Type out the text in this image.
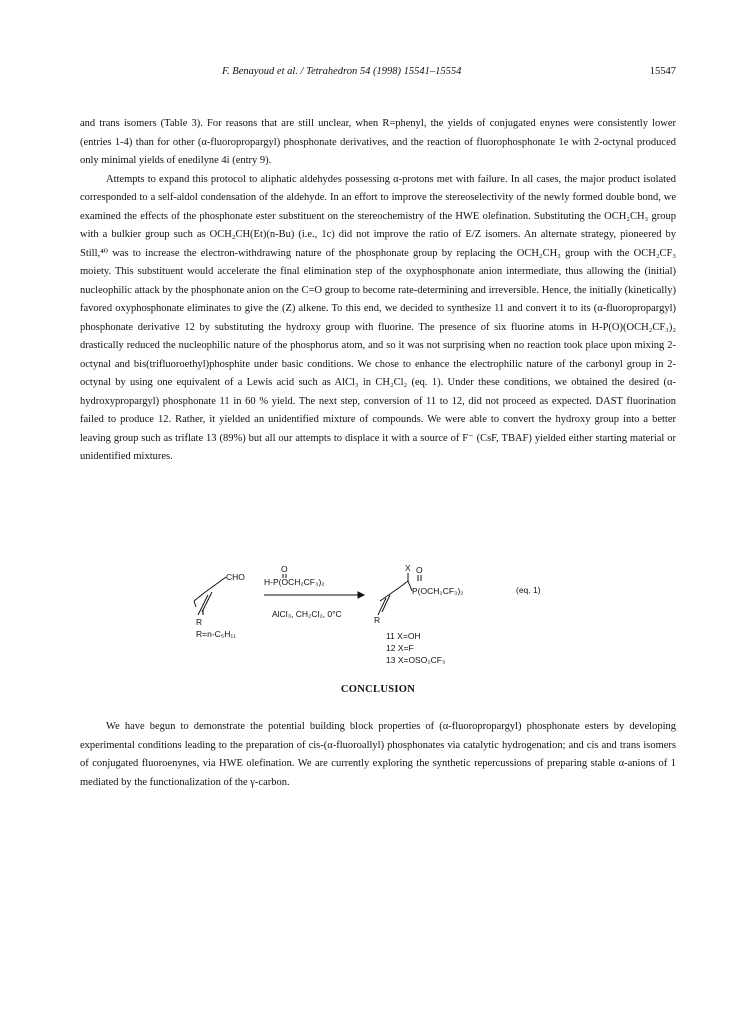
F. Benayoud et al. / Tetrahedron 54 (1998) 15541–15554	15547

and trans isomers (Table 3). For reasons that are still unclear, when R=phenyl, the yields of conjugated enynes were consistently lower (entries 1-4) than for other (α-fluoropropargyl) phosphonate derivatives, and the reaction of fluorophosphonate 1e with 2-octynal produced only minimal yields of enedilyne 4i (entry 9).

Attempts to expand this protocol to aliphatic aldehydes possessing α-protons met with failure. In all cases, the major product isolated corresponded to a self-aldol condensation of the aldehyde. In an effort to improve the stereoselectivity of the newly formed double bond, we examined the effects of the phosphonate ester substituent on the stereochemistry of the HWE olefination. Substituting the OCH₂CH₃ group with a bulkier group such as OCH₂CH(Et)(n-Bu) (i.e., 1c) did not improve the ratio of E/Z isomers. An alternate strategy, pioneered by Still,⁴⁰ was to increase the electron-withdrawing nature of the phosphonate group by replacing the OCH₂CH₃ group with the OCH₂CF₃ moiety. This substituent would accelerate the final elimination step of the oxyphosphonate anion intermediate, thus allowing the (initial) nucleophilic attack by the phosphonate anion on the C=O group to become rate-determining and irreversible. Hence, the initially (kinetically) favored oxyphosphonate eliminates to give the (Z) alkene. To this end, we decided to synthesize 11 and convert it to its (α-fluoropropargyl) phosphonate derivative 12 by substituting the hydroxy group with fluorine. The presence of six fluorine atoms in H-P(O)(OCH₂CF₃)₂ drastically reduced the nucleophilic nature of the phosphorus atom, and so it was not surprising when no reaction took place upon mixing 2-octynal and bis(trifluoroethyl)phosphite under basic conditions. We chose to enhance the electrophilic nature of the carbonyl group in 2-octynal by using one equivalent of a Lewis acid such as AlCl₃ in CH₂Cl₂ (eq. 1). Under these conditions, we obtained the desired (α-hydroxypropargyl) phosphonate 11 in 60 % yield. The next step, conversion of 11 to 12, did not proceed as expected. DAST fluorination failed to produce 12. Rather, it yielded an unidentified mixture of compounds. We were able to convert the hydroxy group into a better leaving group such as triflate 13 (89%) but all our attempts to displace it with a source of F⁻ (CsF, TBAF) yielded either starting material or unidentified mixtures.

CHO
R
R=n-C₅H₁₁
O
H-P(OCH₂CF₃)₂
AlCl₃, CH₂Cl₂, 0°C
X O
P(OCH₂CF₃)₂
R
(eq. 1)
11 X=OH
12 X=F
13 X=OSO₂CF₃
CONCLUSION

We have begun to demonstrate the potential building block properties of (α-fluoropropargyl) phosphonate esters by developing experimental conditions leading to the preparation of cis-(α-fluoroallyl) phosphonates via catalytic hydrogenation; and cis and trans isomers of conjugated fluoroenynes, via HWE olefination. We are currently exploring the synthetic repercussions of preparing stable α-anions of 1 mediated by the functionalization of the γ-carbon.
